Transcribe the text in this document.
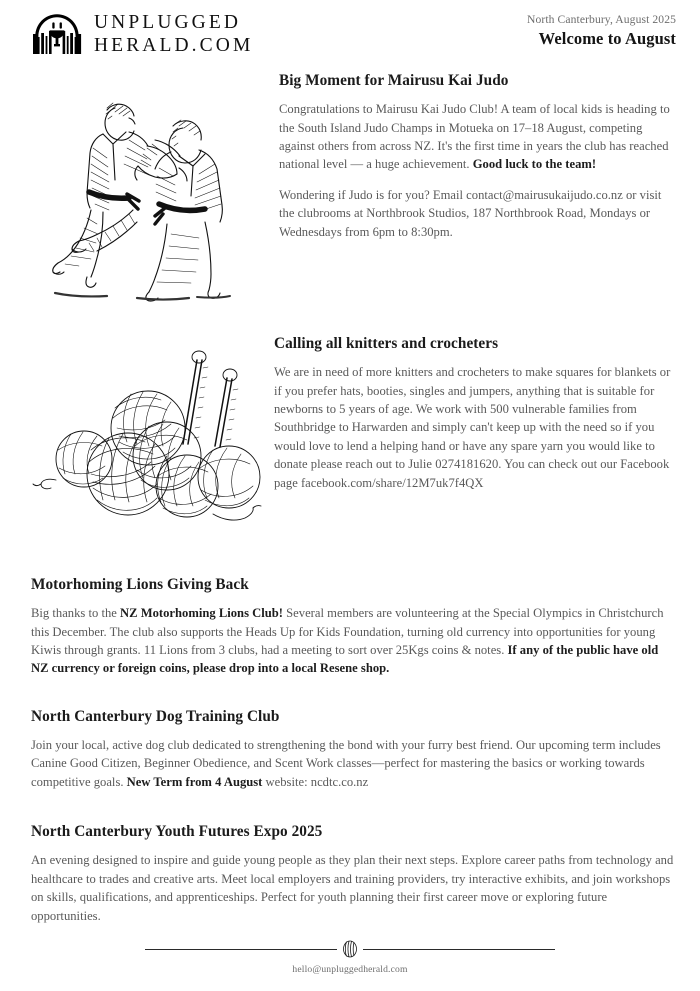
UNPLUGGED
HERALD.COM
North Canterbury, August 2025
Welcome to August
Big Moment for Mairusu Kai Judo

Congratulations to Mairusu Kai Judo Club! A team of local kids is heading to the South Island Judo Champs in Motueka on 17–18 August, competing against others from across NZ. It's the first time in years the club has reached national level — a huge achievement. Good luck to the team!

Wondering if Judo is for you? Email contact@mairusukaijudo.co.nz or visit the clubrooms at Northbrook Studios, 187 Northbrook Road, Mondays or Wednesdays from 6pm to 8:30pm.

Calling all knitters and crocheters

We are in need of more knitters and crocheters to make squares for blankets or if you prefer hats, booties, singles and jumpers, anything that is suitable for newborns to 5 years of age. We work with 500 vulnerable families from Southbridge to Harwarden and simply can't keep up with the need so if you would love to lend a helping hand or have any spare yarn you would like to donate please reach out to Julie 0274181620. You can check out our Facebook page facebook.com/share/12M7uk7f4QX

Motorhoming Lions Giving Back

Big thanks to the NZ Motorhoming Lions Club! Several members are volunteering at the Special Olympics in Christchurch this December. The club also supports the Heads Up for Kids Foundation, turning old currency into opportunities for young Kiwis through grants. 11 Lions from 3 clubs, had a meeting to sort over 25Kgs coins & notes. If any of the public have old NZ currency or foreign coins, please drop into a local Resene shop.

North Canterbury Dog Training Club

Join your local, active dog club dedicated to strengthening the bond with your furry best friend. Our upcoming term includes Canine Good Citizen, Beginner Obedience, and Scent Work classes—perfect for mastering the basics or working towards competitive goals. New Term from 4 August website: ncdtc.co.nz

North Canterbury Youth Futures Expo 2025

An evening designed to inspire and guide young people as they plan their next steps. Explore career paths from technology and healthcare to trades and creative arts. Meet local employers and training providers, try interactive exhibits, and join workshops on skills, qualifications, and apprenticeships. Perfect for youth planning their first career move or exploring future opportunities.

hello@unpluggedherald.com
